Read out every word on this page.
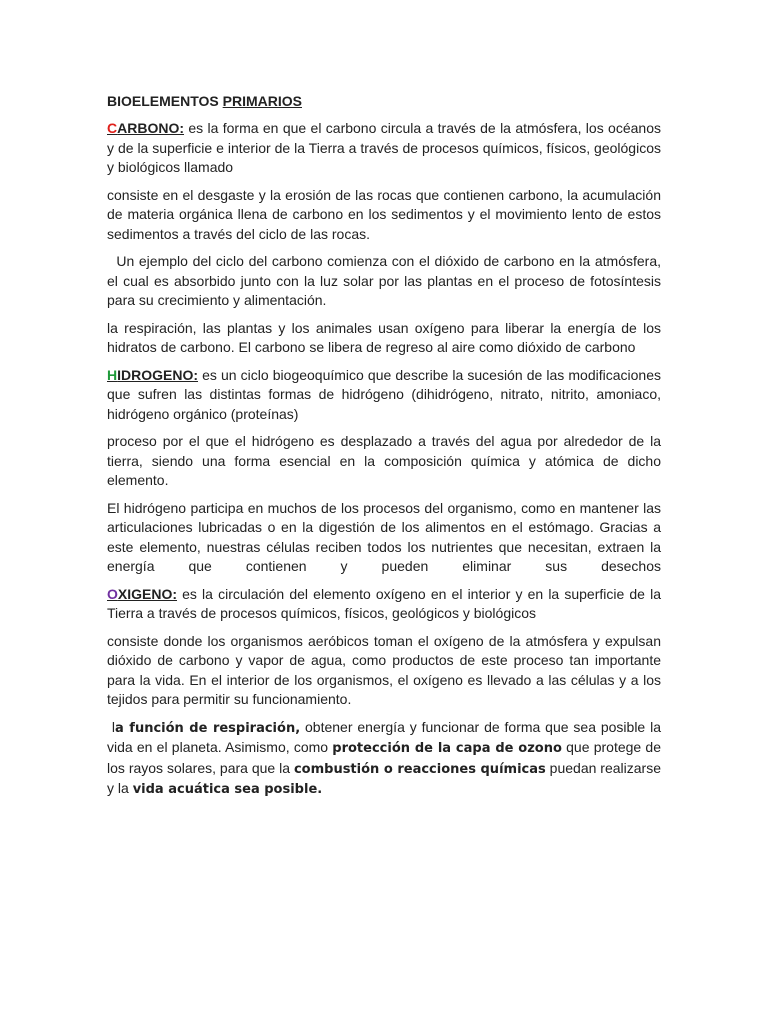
BIOELEMENTOS PRIMARIOS

CARBONO: es la forma en que el carbono circula a través de la atmósfera, los océanos y de la superficie e interior de la Tierra a través de procesos químicos, físicos, geológicos y biológicos llamado

consiste en el desgaste y la erosión de las rocas que contienen carbono, la acumulación de materia orgánica llena de carbono en los sedimentos y el movimiento lento de estos sedimentos a través del ciclo de las rocas.

Un ejemplo del ciclo del carbono comienza con el dióxido de carbono en la atmósfera, el cual es absorbido junto con la luz solar por las plantas en el proceso de fotosíntesis para su crecimiento y alimentación.

la respiración, las plantas y los animales usan oxígeno para liberar la energía de los hidratos de carbono. El carbono se libera de regreso al aire como dióxido de carbono

HIDROGENO: es un ciclo biogeoquímico que describe la sucesión de las modificaciones que sufren las distintas formas de hidrógeno (dihidrógeno, nitrato, nitrito, amoniaco, hidrógeno orgánico (proteínas)

proceso por el que el hidrógeno es desplazado a través del agua por alrededor de la tierra, siendo una forma esencial en la composición química y atómica de dicho elemento.

El hidrógeno participa en muchos de los procesos del organismo, como en mantener las articulaciones lubricadas o en la digestión de los alimentos en el estómago. Gracias a este elemento, nuestras células reciben todos los nutrientes que necesitan, extraen la energía que contienen y pueden eliminar sus desechos

OXIGENO: es la circulación del elemento oxígeno en el interior y en la superficie de la Tierra a través de procesos químicos, físicos, geológicos y biológicos

consiste donde los organismos aeróbicos toman el oxígeno de la atmósfera y expulsan dióxido de carbono y vapor de agua, como productos de este proceso tan importante para la vida. En el interior de los organismos, el oxígeno es llevado a las células y a los tejidos para permitir su funcionamiento.

la función de respiración, obtener energía y funcionar de forma que sea posible la vida en el planeta. Asimismo, como protección de la capa de ozono que protege de los rayos solares, para que la combustión o reacciones químicas puedan realizarse y la vida acuática sea posible.
